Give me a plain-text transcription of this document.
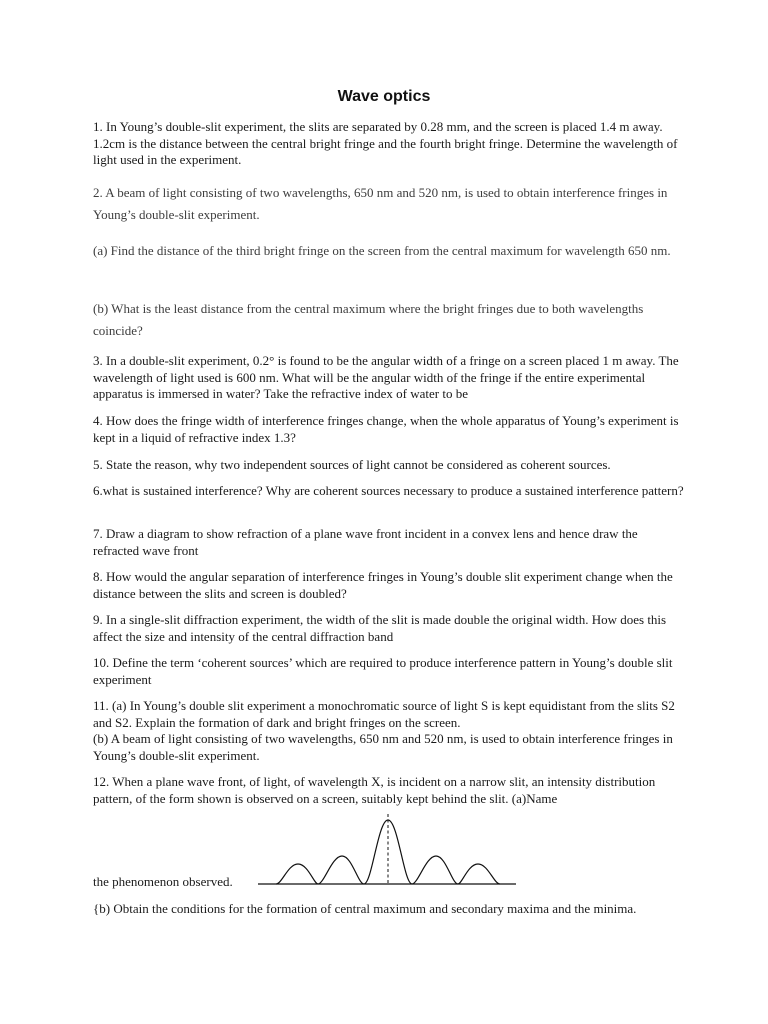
Wave optics
1. In Young’s double-slit experiment, the slits are separated by 0.28 mm, and the screen is placed 1.4 m away. 1.2cm is the distance between the central bright fringe and the fourth bright fringe. Determine the wavelength of light used in the experiment.
2. A beam of light consisting of two wavelengths, 650 nm and 520 nm, is used to obtain interference fringes in Young’s double-slit experiment.
(a) Find the distance of the third bright fringe on the screen from the central maximum for wavelength 650 nm.
(b) What is the least distance from the central maximum where the bright fringes due to both wavelengths coincide?
3. In a double-slit experiment, 0.2° is found to be the angular width of a fringe on a screen placed 1 m away. The wavelength of light used is 600 nm. What will be the angular width of the fringe if the entire experimental apparatus is immersed in water? Take the refractive index of water to be
4. How does the fringe width of interference fringes change, when the whole apparatus of Young’s experiment is kept in a liquid of refractive index 1.3?
5. State the reason, why two independent sources of light cannot be considered as coherent sources.
6.what is sustained interference? Why are coherent sources necessary to produce a sustained interference pattern?
7. Draw a diagram to show refraction of a plane wave front incident in a convex lens and hence draw the refracted wave front
8. How would the angular separation of interference fringes in Young’s double slit experiment change when the distance between the slits and screen is doubled?
9. In a single-slit diffraction experiment, the width of the slit is made double the original width. How does this affect the size and intensity of the central diffraction band
10. Define the term ‘coherent sources’ which are required to produce interference pattern in Young’s double slit experiment
11. (a) In Young’s double slit experiment a monochromatic source of light S is kept equidistant from the slits S2 and S2. Explain the formation of dark and bright fringes on the screen.
(b) A beam of light consisting of two wavelengths, 650 nm and 520 nm, is used to obtain interference fringes in Young’s double-slit experiment.
12. When a plane wave front, of light, of wavelength X, is incident on a narrow slit, an intensity distribution pattern, of the form shown is observed on a screen, suitably kept behind the slit. (a)Name
the phenomenon observed.
{b) Obtain the conditions for the formation of central maximum and secondary maxima and the minima.
